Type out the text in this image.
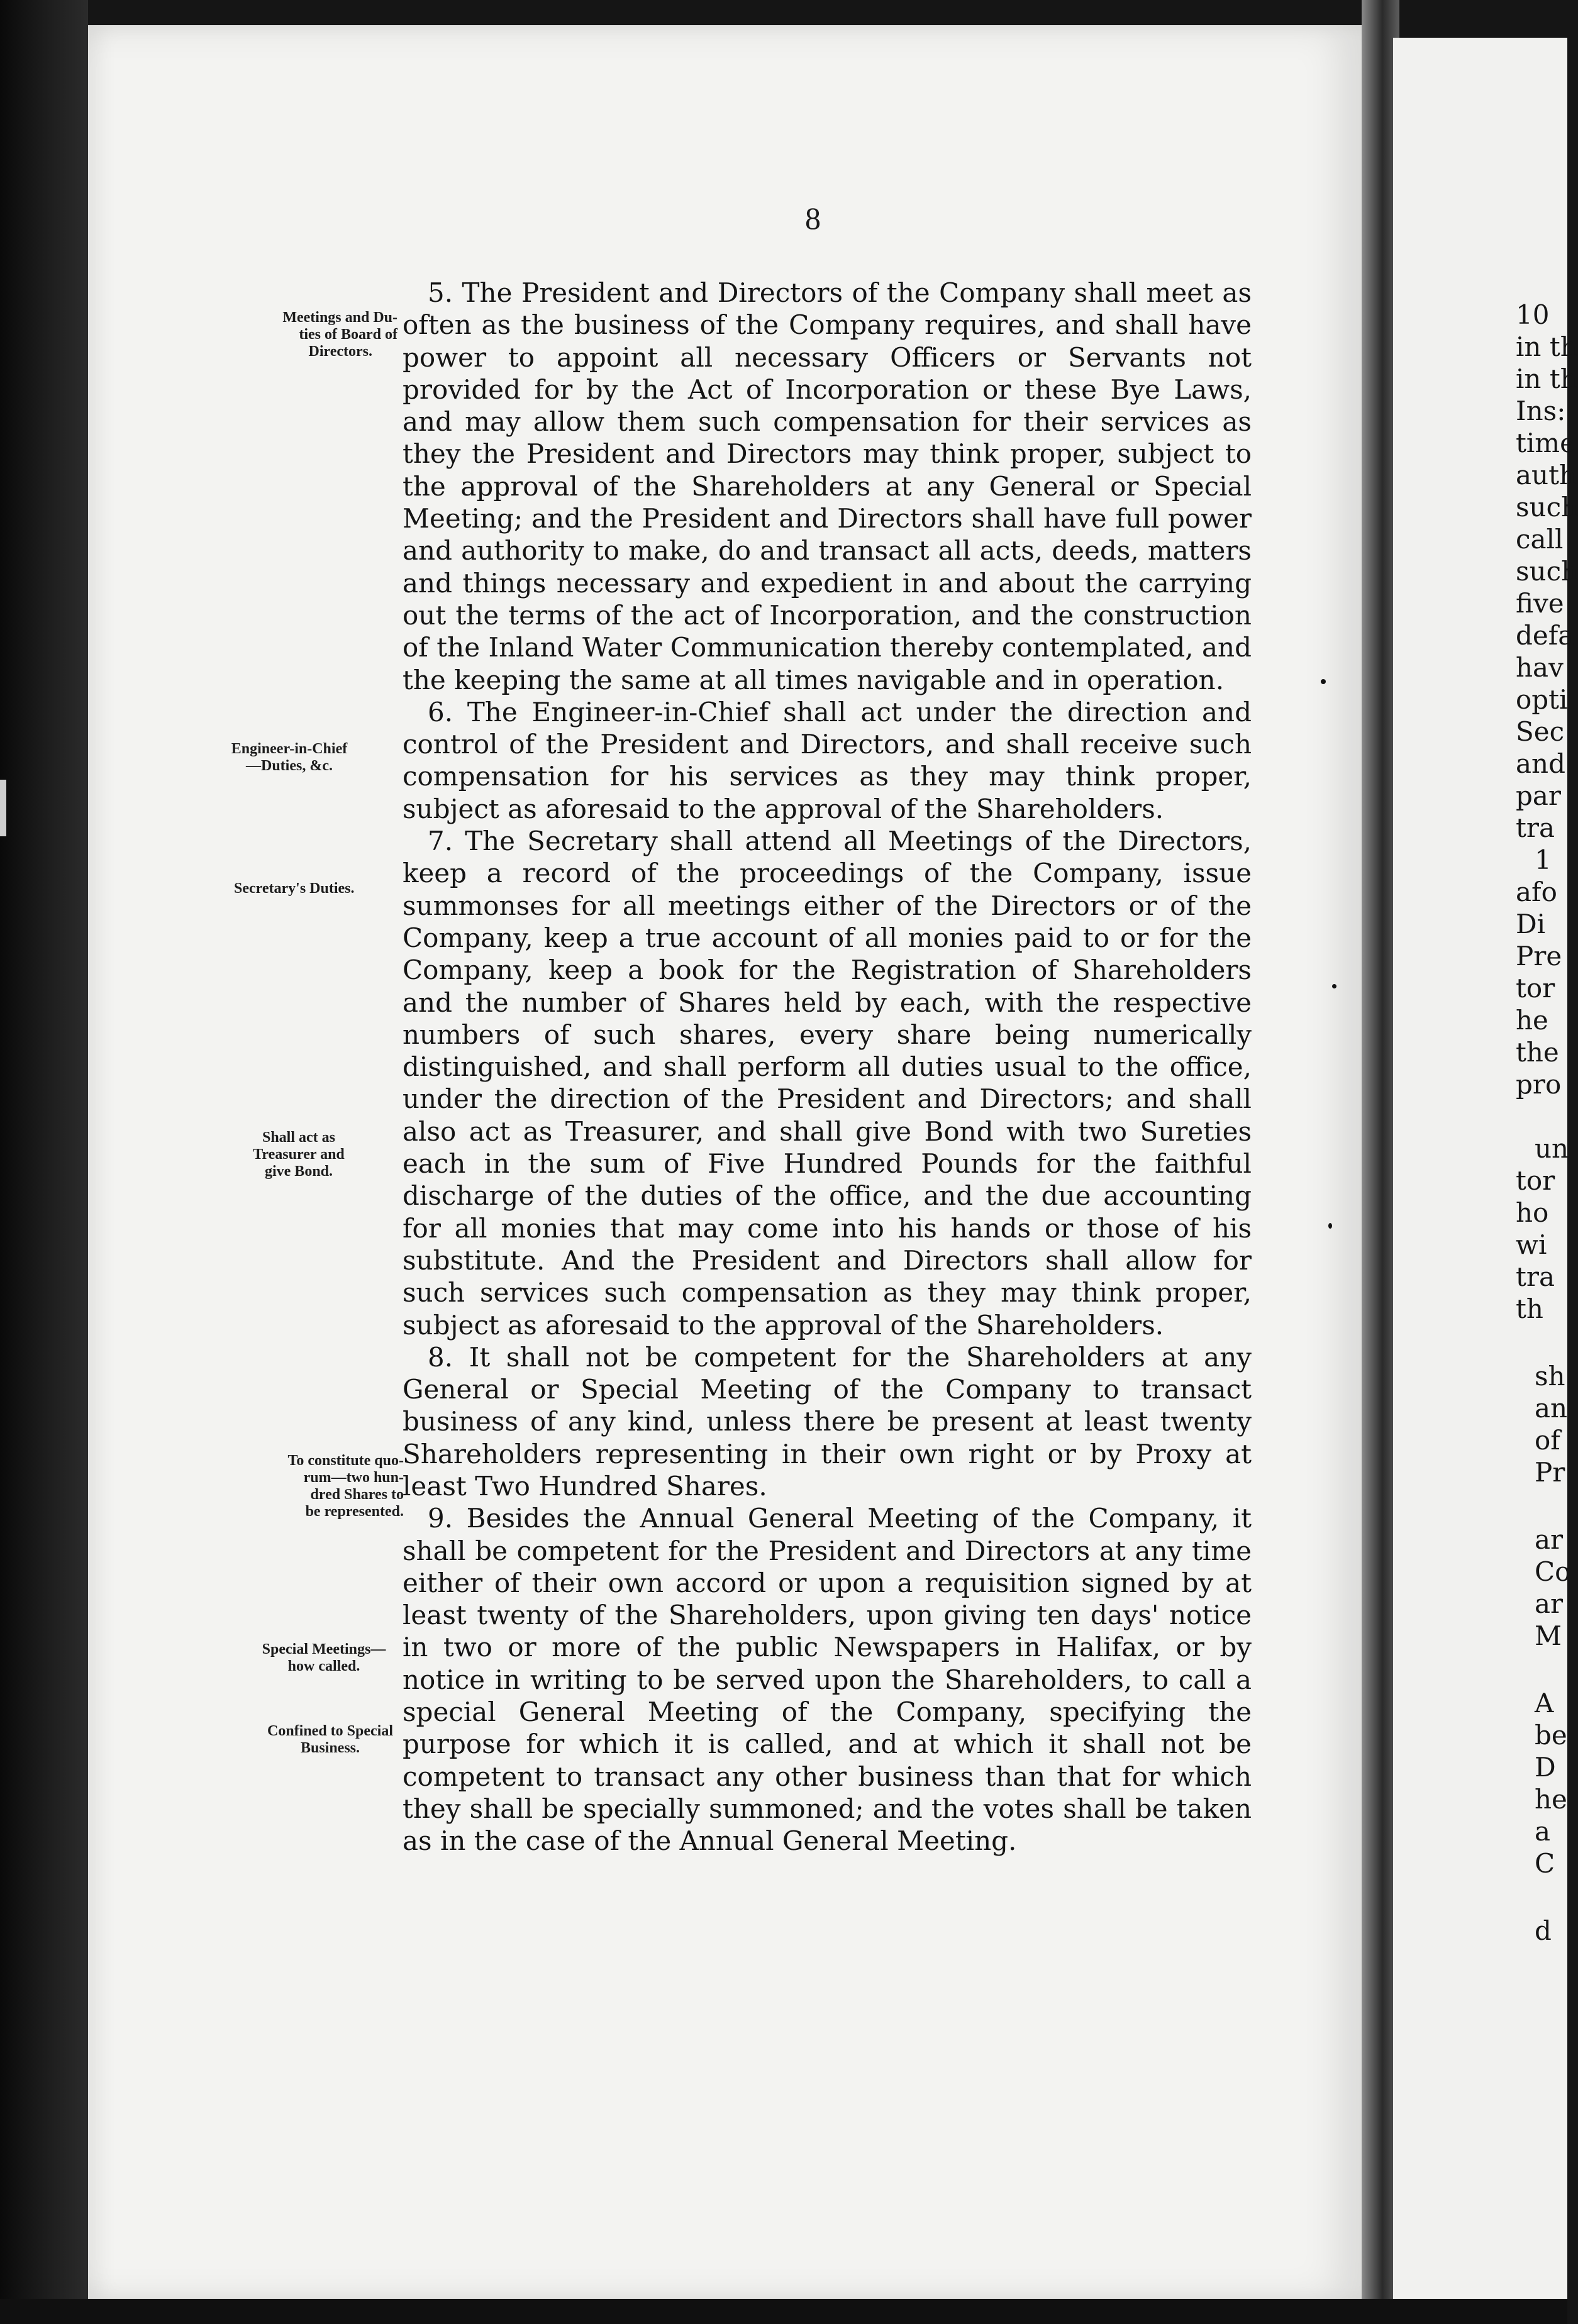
8
Meetings and Du-
ties of Board of
Directors.
Engineer-in-Chief
—Duties, &c.
Secretary's Duties.
Shall act as
Treasurer and
give Bond.
To constitute quo-
rum—two hun-
dred Shares to
be represented.
Special Meetings—
how called.
Confined to Special
Business.

5. The President and Directors of the Company shall meet as often as the business of the Company requires, and shall have power to appoint all necessary Officers or Servants not provided for by the Act of Incorporation or these Bye Laws, and may allow them such compensation for their services as they the President and Directors may think proper, subject to the approval of the Shareholders at any General or Special Meeting; and the President and Directors shall have full power and authority to make, do and transact all acts, deeds, matters and things necessary and expedient in and about the carrying out the terms of the act of Incorporation, and the construction of the Inland Water Communication thereby contemplated, and the keeping the same at all times navigable and in operation.

6. The Engineer-in-Chief shall act under the direction and control of the President and Directors, and shall receive such compensation for his services as they may think proper, subject as aforesaid to the approval of the Shareholders.

7. The Secretary shall attend all Meetings of the Directors, keep a record of the proceedings of the Company, issue summonses for all meetings either of the Directors or of the Company, keep a true account of all monies paid to or for the Company, keep a book for the Registration of Shareholders and the number of Shares held by each, with the respective numbers of such shares, every share being numerically distinguished, and shall perform all duties usual to the office, under the direction of the President and Directors; and shall also act as Treasurer, and shall give Bond with two Sureties each in the sum of Five Hundred Pounds for the faithful discharge of the duties of the office, and the due accounting for all monies that may come into his hands or those of his substitute. And the President and Directors shall allow for such services such compensation as they may think proper, subject as aforesaid to the approval of the Shareholders.

8. It shall not be competent for the Shareholders at any General or Special Meeting of the Company to transact business of any kind, unless there be present at least twenty Shareholders representing in their own right or by Proxy at least Two Hundred Shares.

9. Besides the Annual General Meeting of the Company, it shall be competent for the President and Directors at any time either of their own accord or upon a requisition signed by at least twenty of the Shareholders, upon giving ten days' notice in two or more of the public Newspapers in Halifax, or by notice in writing to be served upon the Shareholders, to call a special General Meeting of the Company, specifying the purpose for which it is called, and at which it shall not be competent to transact any other business than that for which they shall be specially summoned; and the votes shall be taken as in the case of the Annual General Meeting.

10
in th
in th
Ins:
time
auth
such
call
such
five
defa
hav
opti
Sec
and
par
tra
1
afo
Di
Pre
tor
he
the
pro
un
tor
ho
wi
tra
th
sh
an
of
Pr
ar
Co
ar
M
A
be
D
he
a
C
d
